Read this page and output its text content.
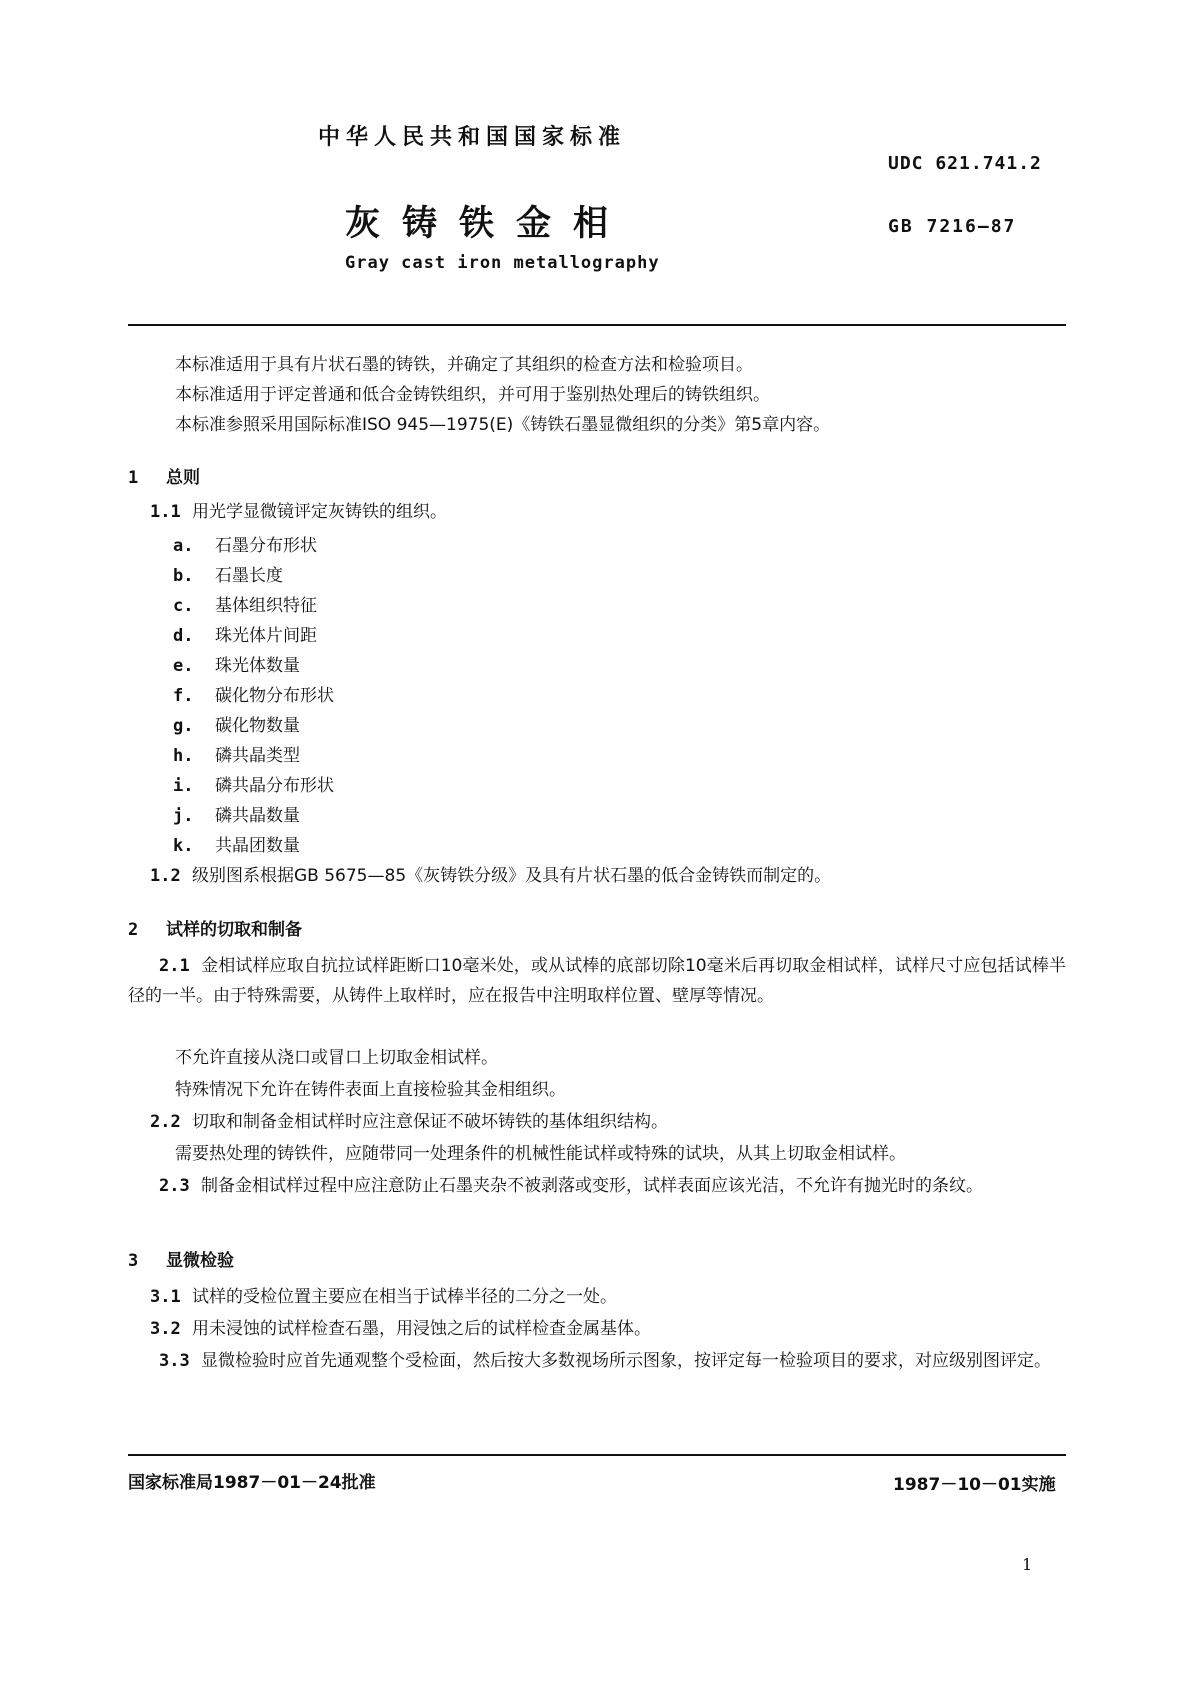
中华人民共和国国家标准
UDC 621.741.2
灰铸铁金相	GB 7216—87
Gray cast iron metallography
本标准适用于具有片状石墨的铸铁，并确定了其组织的检查方法和检验项目。
本标准适用于评定普通和低合金铸铁组织，并可用于鉴别热处理后的铸铁组织。
本标准参照采用国际标准ISO 945—1975(E)《铸铁石墨显微组织的分类》第5章内容。
1 总则
1.1 用光学显微镜评定灰铸铁的组织。
a. 石墨分布形状
b. 石墨长度
c. 基体组织特征
d. 珠光体片间距
e. 珠光体数量
f. 碳化物分布形状
g. 碳化物数量
h. 磷共晶类型
i. 磷共晶分布形状
j. 磷共晶数量
k. 共晶团数量
1.2 级别图系根据GB 5675—85《灰铸铁分级》及具有片状石墨的低合金铸铁而制定的。
2 试样的切取和制备
2.1 金相试样应取自抗拉试样距断口10毫米处，或从试棒的底部切除10毫米后再切取金相试样，试样尺寸应包括试棒半径的一半。由于特殊需要，从铸件上取样时，应在报告中注明取样位置、壁厚等情况。
不允许直接从浇口或冒口上切取金相试样。
特殊情况下允许在铸件表面上直接检验其金相组织。
2.2 切取和制备金相试样时应注意保证不破坏铸铁的基体组织结构。
需要热处理的铸铁件，应随带同一处理条件的机械性能试样或特殊的试块，从其上切取金相试样。
2.3 制备金相试样过程中应注意防止石墨夹杂不被剥落或变形，试样表面应该光洁，不允许有抛光时的条纹。
3 显微检验
3.1 试样的受检位置主要应在相当于试棒半径的二分之一处。
3.2 用未浸蚀的试样检查石墨，用浸蚀之后的试样检查金属基体。
3.3 显微检验时应首先通观整个受检面，然后按大多数视场所示图象，按评定每一检验项目的要求，对应级别图评定。
国家标准局1987－01－24批准	1987－10－01实施
1
